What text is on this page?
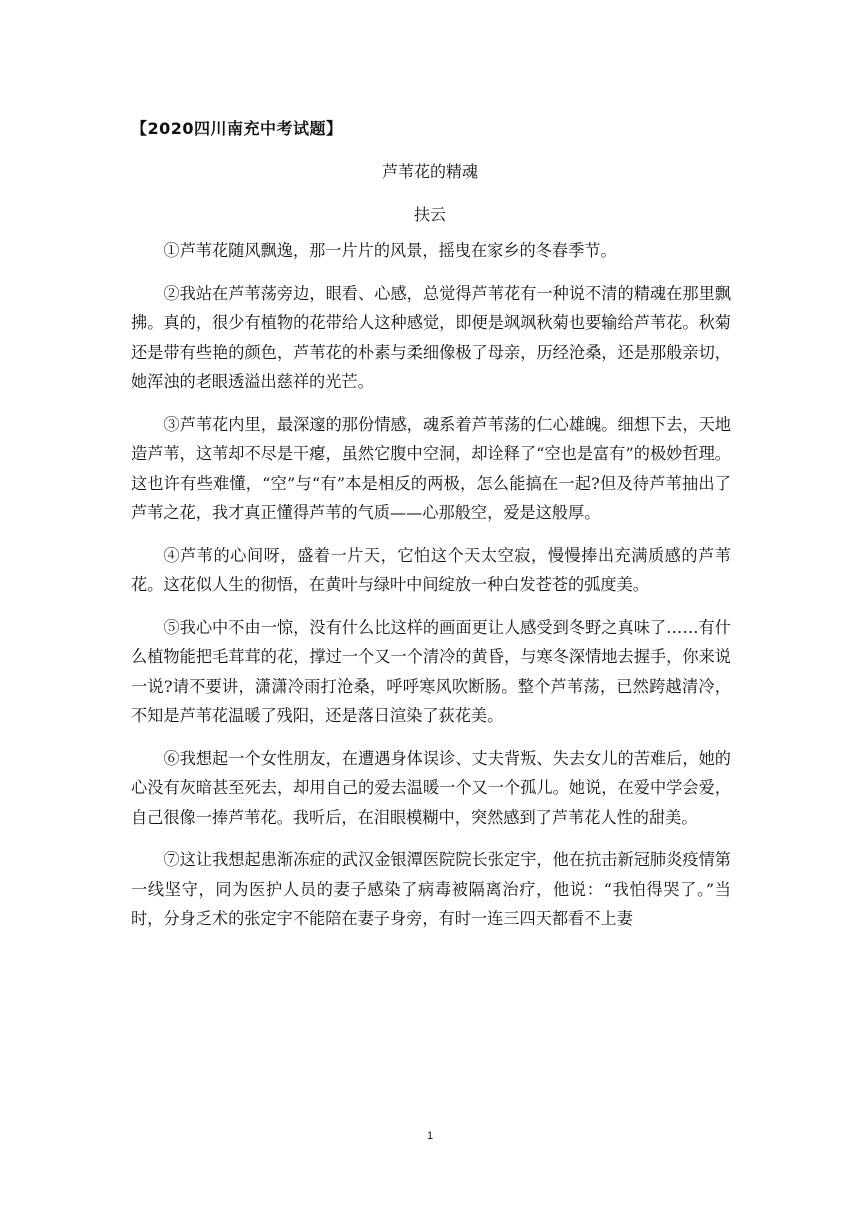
【2020四川南充中考试题】
芦苇花的精魂
扶云

①芦苇花随风飘逸，那一片片的风景，摇曳在家乡的冬春季节。

②我站在芦苇荡旁边，眼看、心感，总觉得芦苇花有一种说不清的精魂在那里飘拂。真的，很少有植物的花带给人这种感觉，即便是飒飒秋菊也要输给芦苇花。秋菊还是带有些艳的颜色，芦苇花的朴素与柔细像极了母亲，历经沧桑，还是那般亲切，她浑浊的老眼透溢出慈祥的光芒。

③芦苇花内里，最深邃的那份情感，魂系着芦苇荡的仁心雄魄。细想下去，天地造芦苇，这苇却不尽是干瘪，虽然它腹中空洞，却诠释了“空也是富有”的极妙哲理。这也许有些难懂，“空”与“有”本是相反的两极，怎么能搞在一起?但及待芦苇抽出了芦苇之花，我才真正懂得芦苇的气质——心那般空，爱是这般厚。

④芦苇的心间呀，盛着一片天，它怕这个天太空寂，慢慢捧出充满质感的芦苇花。这花似人生的彻悟，在黄叶与绿叶中间绽放一种白发苍苍的弧度美。

⑤我心中不由一惊，没有什么比这样的画面更让人感受到冬野之真味了……有什么植物能把毛茸茸的花，撑过一个又一个清冷的黄昏，与寒冬深情地去握手，你来说一说?请不要讲，潇潇冷雨打沧桑，呼呼寒风吹断肠。整个芦苇荡，已然跨越清冷，不知是芦苇花温暖了残阳，还是落日渲染了荻花美。

⑥我想起一个女性朋友，在遭遇身体误诊、丈夫背叛、失去女儿的苦难后，她的心没有灰暗甚至死去，却用自己的爱去温暖一个又一个孤儿。她说，在爱中学会爱，自己很像一捧芦苇花。我听后，在泪眼模糊中，突然感到了芦苇花人性的甜美。

⑦这让我想起患渐冻症的武汉金银潭医院院长张定宇，他在抗击新冠肺炎疫情第一线坚守，同为医护人员的妻子感染了病毒被隔离治疗，他说：“我怕得哭了。”当时，分身乏术的张定宇不能陪在妻子身旁，有时一连三四天都看不上妻

1
